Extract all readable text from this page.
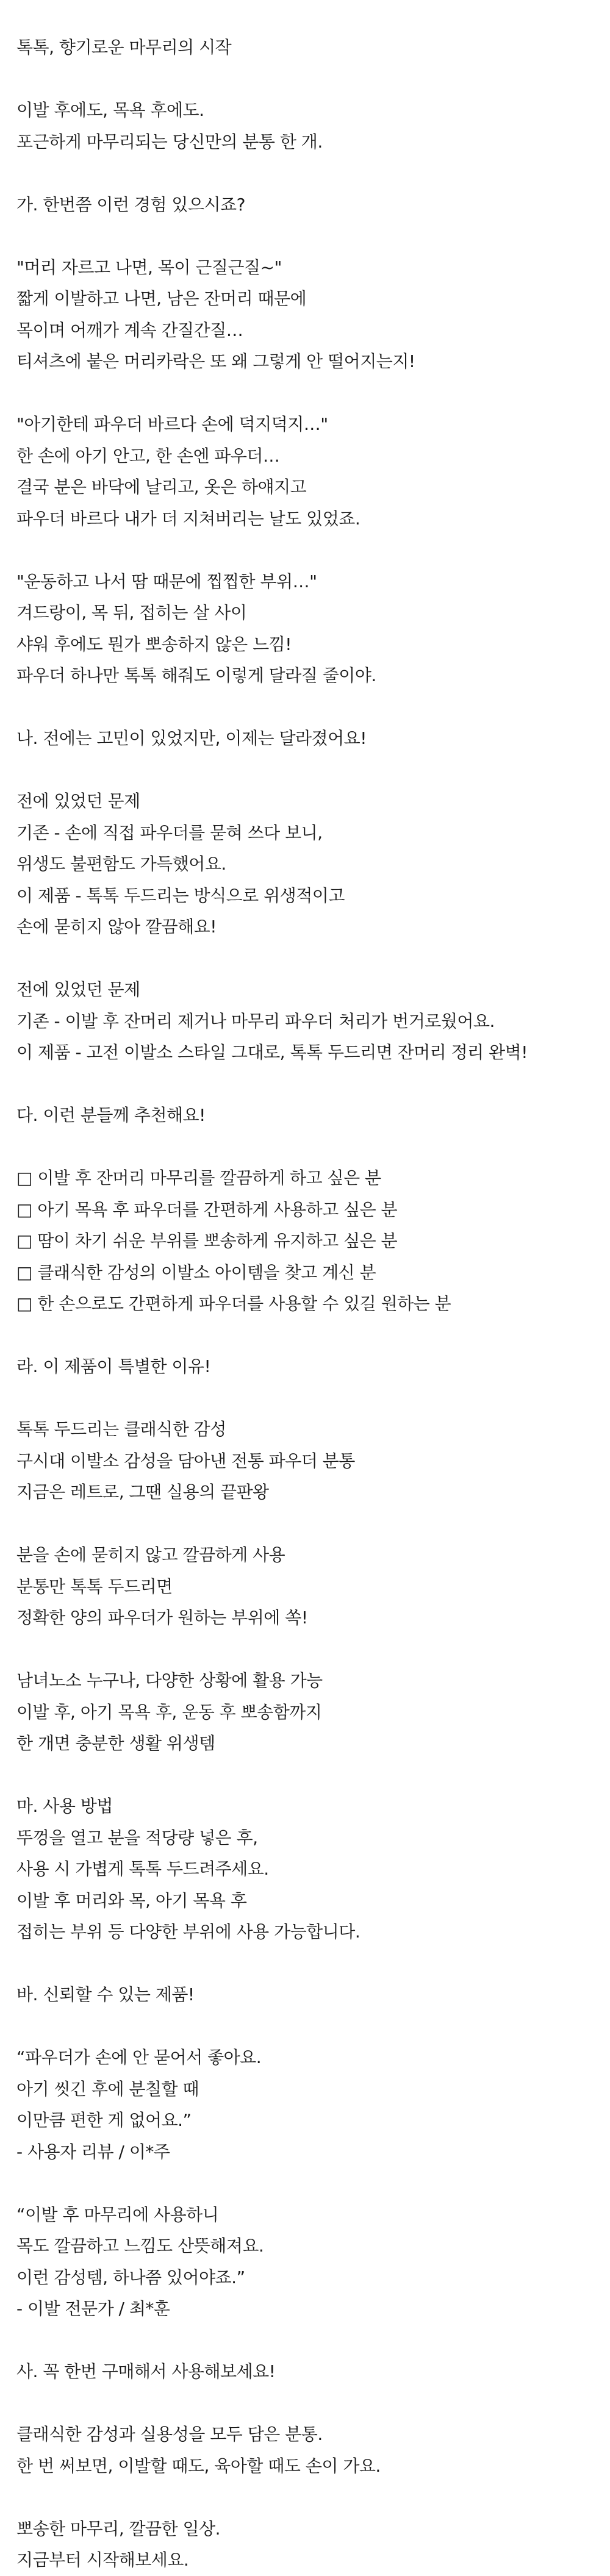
톡톡, 향기로운 마무리의 시작
이발 후에도, 목욕 후에도.
포근하게 마무리되는 당신만의 분통 한 개.
가. 한번쯤 이런 경험 있으시죠?
"머리 자르고 나면, 목이 근질근질~"
짧게 이발하고 나면, 남은 잔머리 때문에
목이며 어깨가 계속 간질간질…
티셔츠에 붙은 머리카락은 또 왜 그렇게 안 떨어지는지!
"아기한테 파우더 바르다 손에 덕지덕지…"
한 손에 아기 안고, 한 손엔 파우더…
결국 분은 바닥에 날리고, 옷은 하얘지고
파우더 바르다 내가 더 지쳐버리는 날도 있었죠.
"운동하고 나서 땀 때문에 찝찝한 부위…"
겨드랑이, 목 뒤, 접히는 살 사이
샤워 후에도 뭔가 뽀송하지 않은 느낌!
파우더 하나만 톡톡 해줘도 이렇게 달라질 줄이야.
나. 전에는 고민이 있었지만, 이제는 달라졌어요!
전에 있었던 문제
기존 - 손에 직접 파우더를 묻혀 쓰다 보니,
위생도 불편함도 가득했어요.
이 제품 - 톡톡 두드리는 방식으로 위생적이고
손에 묻히지 않아 깔끔해요!
전에 있었던 문제
기존 - 이발 후 잔머리 제거나 마무리 파우더 처리가 번거로웠어요.
이 제품 - 고전 이발소 스타일 그대로, 톡톡 두드리면 잔머리 정리 완벽!
다. 이런 분들께 추천해요!
□ 이발 후 잔머리 마무리를 깔끔하게 하고 싶은 분
□ 아기 목욕 후 파우더를 간편하게 사용하고 싶은 분
□ 땀이 차기 쉬운 부위를 뽀송하게 유지하고 싶은 분
□ 클래식한 감성의 이발소 아이템을 찾고 계신 분
□ 한 손으로도 간편하게 파우더를 사용할 수 있길 원하는 분
라. 이 제품이 특별한 이유!
톡톡 두드리는 클래식한 감성
구시대 이발소 감성을 담아낸 전통 파우더 분통
지금은 레트로, 그땐 실용의 끝판왕
분을 손에 묻히지 않고 깔끔하게 사용
분통만 톡톡 두드리면
정확한 양의 파우더가 원하는 부위에 쏙!
남녀노소 누구나, 다양한 상황에 활용 가능
이발 후, 아기 목욕 후, 운동 후 뽀송함까지
한 개면 충분한 생활 위생템
마. 사용 방법
뚜껑을 열고 분을 적당량 넣은 후,
사용 시 가볍게 톡톡 두드려주세요.
이발 후 머리와 목, 아기 목욕 후
접히는 부위 등 다양한 부위에 사용 가능합니다.
바. 신뢰할 수 있는 제품!
“파우더가 손에 안 묻어서 좋아요.
아기 씻긴 후에 분칠할 때
이만큼 편한 게 없어요.”
- 사용자 리뷰 / 이*주
“이발 후 마무리에 사용하니
목도 깔끔하고 느낌도 산뜻해져요.
이런 감성템, 하나쯤 있어야죠.”
- 이발 전문가 / 최*훈
사. 꼭 한번 구매해서 사용해보세요!
클래식한 감성과 실용성을 모두 담은 분통.
한 번 써보면, 이발할 때도, 육아할 때도 손이 가요.
뽀송한 마무리, 깔끔한 일상.
지금부터 시작해보세요.
